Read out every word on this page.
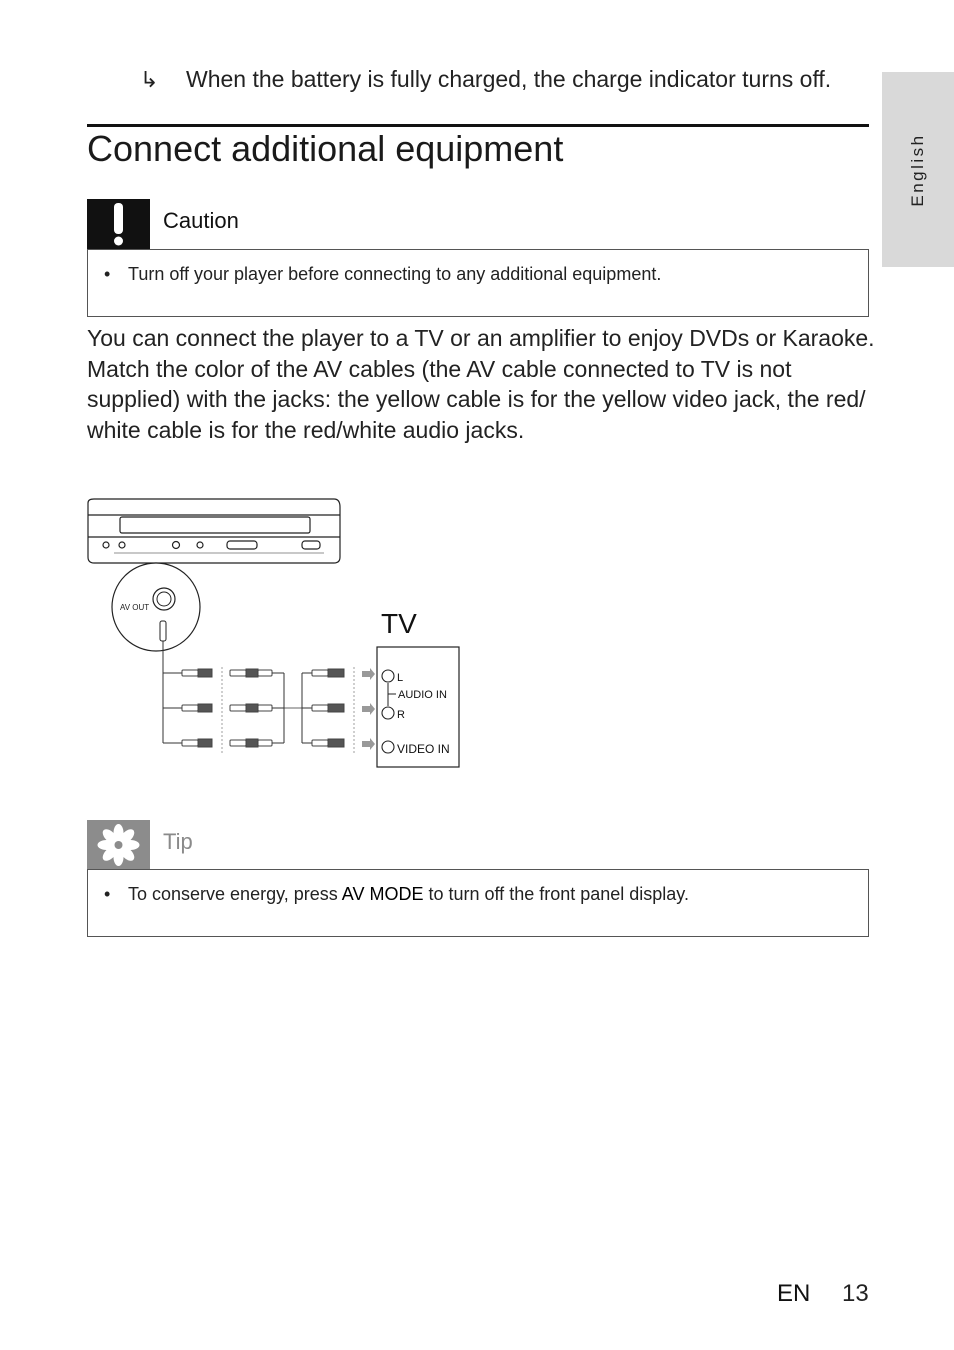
↳ When the battery is fully charged, the charge indicator turns off.
Connect additional equipment	English
Caution
• Turn off your player before connecting to any additional equipment.
You can connect the player to a TV or an amplifier to enjoy DVDs or Karaoke.
Match the color of the AV cables (the AV cable connected to TV is not
supplied) with the jacks: the yellow cable is for the yellow video jack, the red/
white cable is for the red/white audio jacks.
AV OUT
TV
L
AUDIO IN
R
VIDEO IN
Tip
• To conserve energy, press AV MODE to turn off the front panel display.
EN 13
